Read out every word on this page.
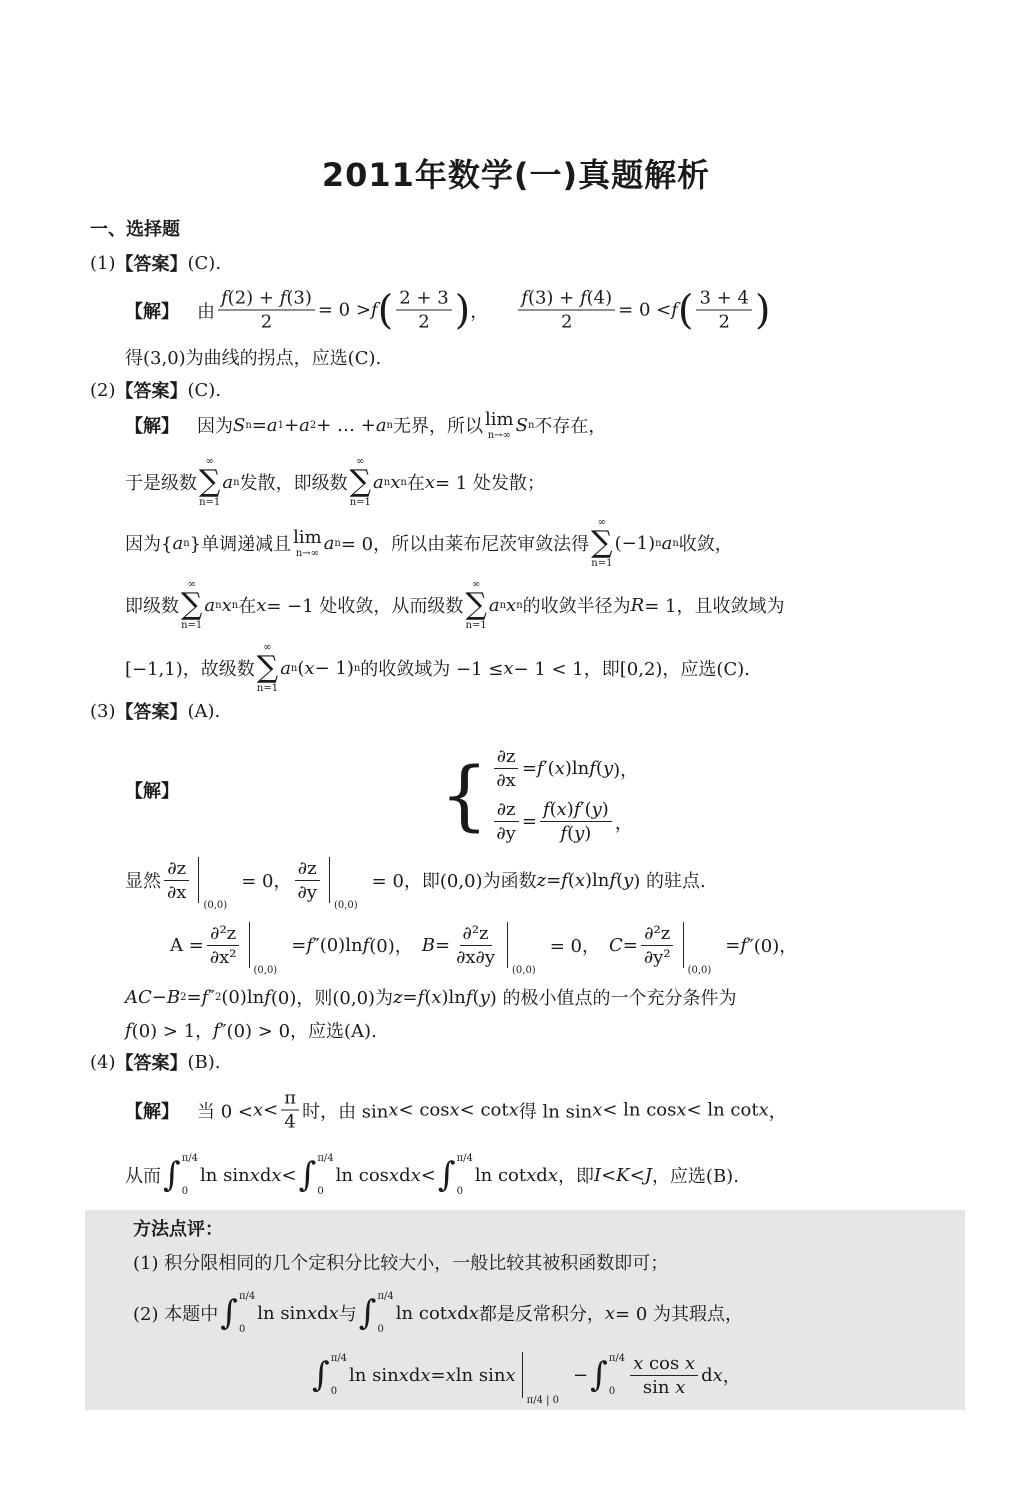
2011年数学(一)真题解析
一、选择题
(1) 【答案】 (C).
【解】 　由 $\frac{f(2) + f(3)}{2} = 0 > f$ ( $\frac{2 + 3}{2}$ ) ，　　 $\frac{f(3) + f(4)}{2} = 0 < f$ ( $\frac{3 + 4}{2}$ )
得(3,0)为曲线的拐点，应选(C).
(2) 【答案】 (C).
【解】 　因为 S n = a 1 + a 2 + … + a n 无界，所以 lim
n→∞ S n 不存在，
于是级数
∞
∑
n=1
a n 发散，即级数
∞
∑
n=1
a n x n 在 x = 1 处发散；
因为{ a n }单调递减且 lim
n→∞ a n = 0，所以由莱布尼茨审敛法得
∞
∑
n=1
(−1) n a n 收敛，
即级数
∞
∑
n=1
a n x n 在 x = −1 处收敛，从而级数
∞
∑
n=1
a n x n 的收敛半径为 R = 1，且收敛域为
[−1,1)，故级数
∞
∑
n=1
a n ( x − 1) n 的收敛域为 −1 ≤ x − 1 < 1，即[0,2)，应选(C).
(3) 【答案】 (A).
【解】	{ $\frac{\partial z}{\partial x} = f$ ′( x )ln f ( y )，
$\frac{\partial z}{\partial y} = \frac{f(x)f'(y)}{f(y)}$ ，
显然 $\frac{\partial z}{\partial x}$
(0,0)
= 0， $\frac{\partial z}{\partial y}$
(0,0)
= 0，即(0,0)为函数 z = f ( x )ln f ( y ) 的驻点.
$A = \frac{\text{∂²z}}{\text{∂x²}}$
(0,0)
= f ″(0)ln f (0)，　 $B = \frac{\text{∂²z}}{\partial x\partial y}$
(0,0)
= 0，　 $C = \frac{\text{∂²z}}{\text{∂y²}}$
(0,0)
= f ″(0)，
AC − B 2 = f ″ 2 (0)ln f (0)，则(0,0)为 z = f ( x )ln f ( y ) 的极小值点的一个充分条件为
f (0) > 1， f ″(0) > 0，应选(A).
(4) 【答案】 (B).
【解】 　当 $0 < x < \frac{\pi}{4}$ 时，由 sin x < cos x < cot x 得 ln sin x < ln cos x < ln cot x ，
从而 ∫ π/4
0
ln sin x d x < ∫ π/4
0
ln cos x d x < ∫ π/4
0
ln cot x d x ，即 I < K < J ，应选(B).
方法点评：
(1) 积分限相同的几个定积分比较大小，一般比较其被积函数即可；
(2) 本题中 ∫ π/4
0
ln sin x d x 与 ∫ π/4
0
ln cot x d x 都是反常积分， x = 0 为其瑕点，
∫ π/4
0
ln sin x d x = x ln sin x
π/4 | 0
− ∫ π/4
$0 \frac{\text{x cos x}}{\text{sin x}}$ d x ，
